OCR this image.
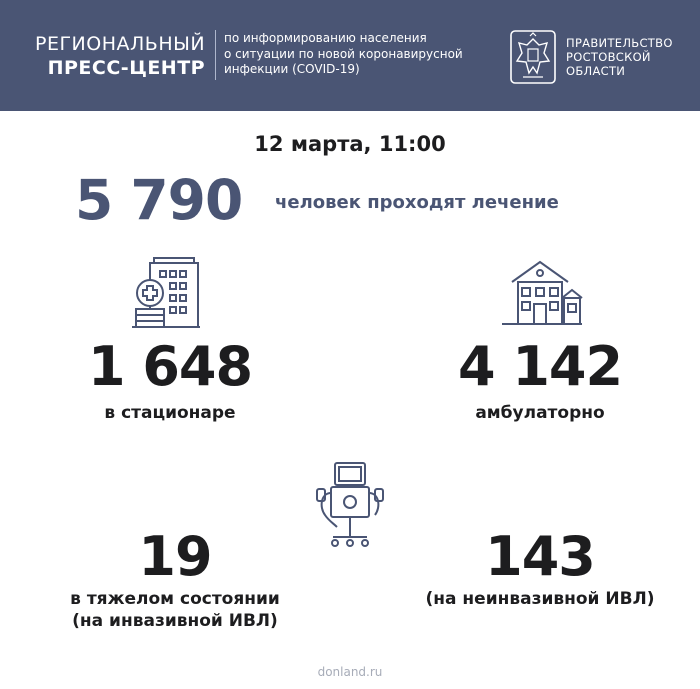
РЕГИОНАЛЬНЫЙ
ПРЕСС-ЦЕНТР
по информированию населения
о ситуации по новой коронавирусной
инфекции (COVID-19)
ПРАВИТЕЛЬСТВО
РОСТОВСКОЙ
ОБЛАСТИ
12 марта, 11:00
5 790 человек проходят лечение
1 648
в стационаре
4 142
амбулаторно
19
в тяжелом состоянии
(на инвазивной ИВЛ)
143
(на неинвазивной ИВЛ)
donland.ru
